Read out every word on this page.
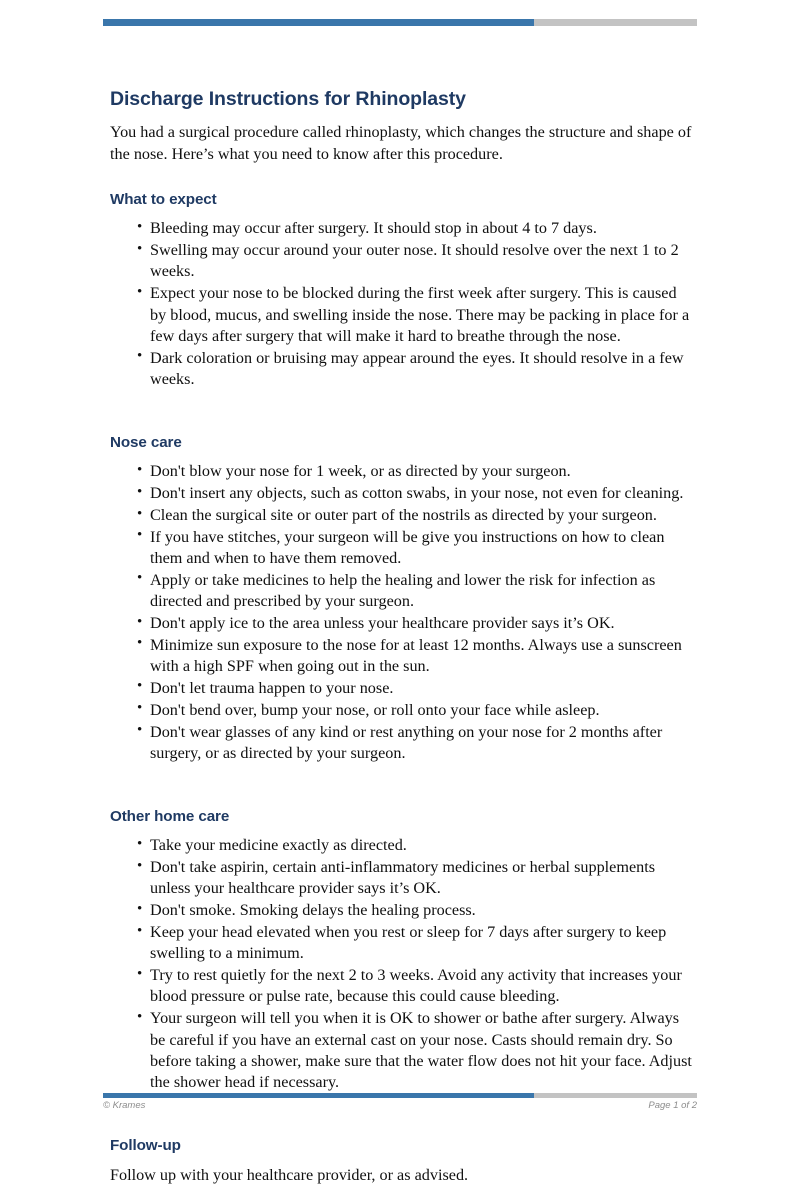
Discharge Instructions for Rhinoplasty

You had a surgical procedure called rhinoplasty, which changes the structure and shape of the nose. Here’s what you need to know after this procedure.

What to expect
• Bleeding may occur after surgery. It should stop in about 4 to 7 days.
• Swelling may occur around your outer nose. It should resolve over the next 1 to 2 weeks.
• Expect your nose to be blocked during the first week after surgery. This is caused by blood, mucus, and swelling inside the nose. There may be packing in place for a few days after surgery that will make it hard to breathe through the nose.
• Dark coloration or bruising may appear around the eyes. It should resolve in a few weeks.
Nose care
• Don't blow your nose for 1 week, or as directed by your surgeon.
• Don't insert any objects, such as cotton swabs, in your nose, not even for cleaning.
• Clean the surgical site or outer part of the nostrils as directed by your surgeon.
• If you have stitches, your surgeon will be give you instructions on how to clean them and when to have them removed.
• Apply or take medicines to help the healing and lower the risk for infection as directed and prescribed by your surgeon.
• Don't apply ice to the area unless your healthcare provider says it’s OK.
• Minimize sun exposure to the nose for at least 12 months. Always use a sunscreen with a high SPF when going out in the sun.
• Don't let trauma happen to your nose.
• Don't bend over, bump your nose, or roll onto your face while asleep.
• Don't wear glasses of any kind or rest anything on your nose for 2 months after surgery, or as directed by your surgeon.
Other home care
• Take your medicine exactly as directed.
• Don't take aspirin, certain anti-inflammatory medicines or herbal supplements unless your healthcare provider says it’s OK.
• Don't smoke. Smoking delays the healing process.
• Keep your head elevated when you rest or sleep for 7 days after surgery to keep swelling to a minimum.
• Try to rest quietly for the next 2 to 3 weeks. Avoid any activity that increases your blood pressure or pulse rate, because this could cause bleeding.
• Your surgeon will tell you when it is OK to shower or bathe after surgery. Always be careful if you have an external cast on your nose. Casts should remain dry. So before taking a shower, make sure that the water flow does not hit your face. Adjust the shower head if necessary.
Follow-up

Follow up with your healthcare provider, or as advised.

© Krames	Page 1 of 2
